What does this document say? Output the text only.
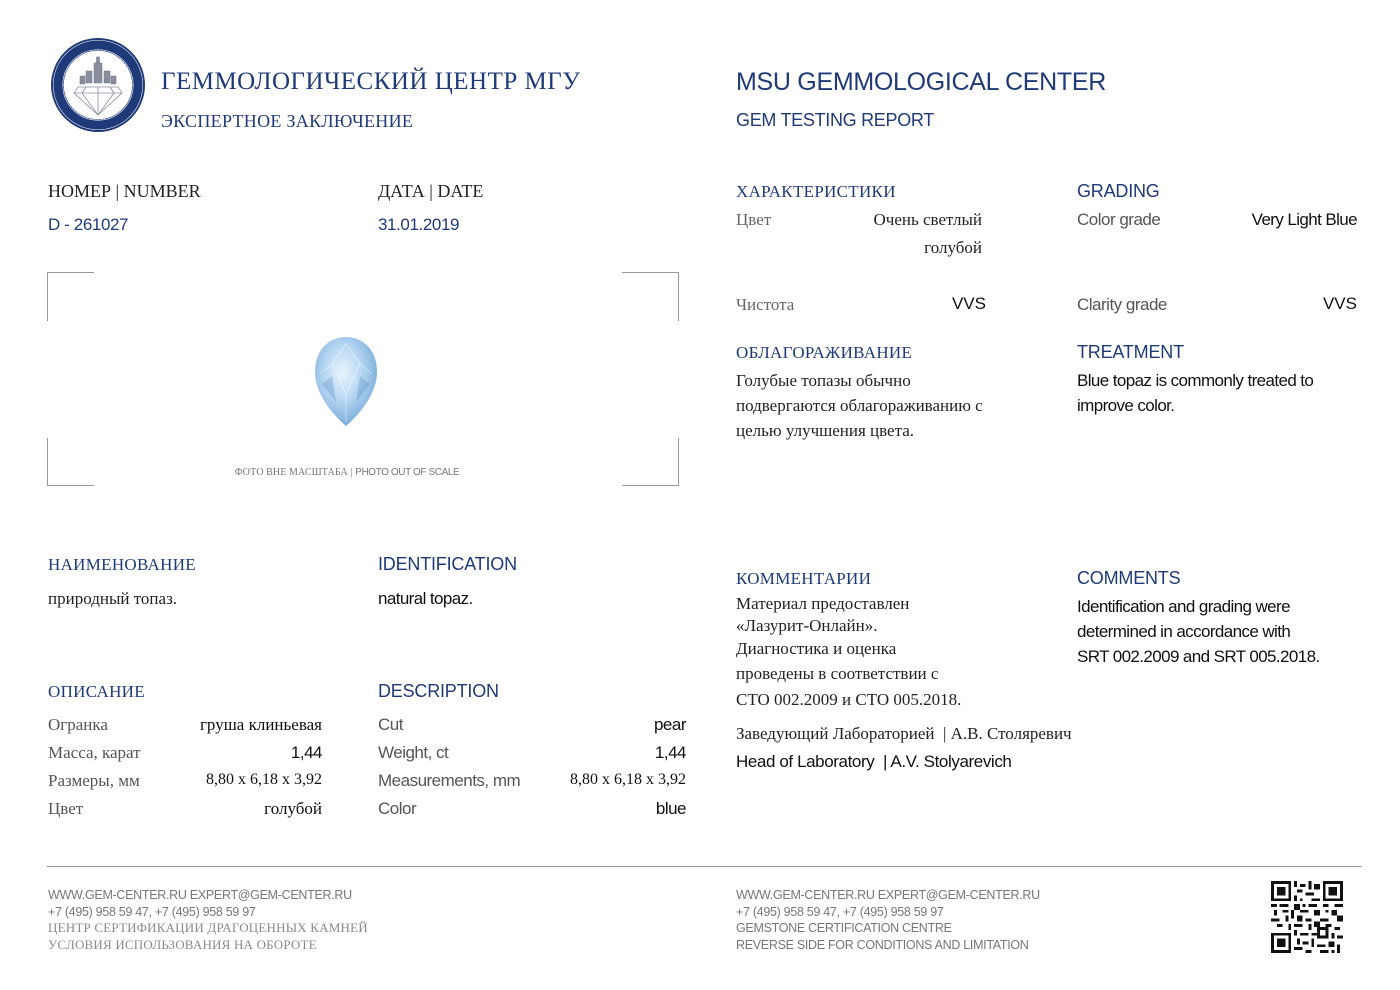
ГЕММОЛОГИЧЕСКИЙ ЦЕНТР МГУ
ЭКСПЕРТНОЕ ЗАКЛЮЧЕНИЕ
MSU GEMMOLOGICAL CENTER
GEM TESTING REPORT
НОМЕР | NUMBER
D - 261027
ДАТА | DATE
31.01.2019
ФОТО ВНЕ МАСШТАБА | PHOTO OUT OF SCALE
ХАРАКТЕРИСТИКИ	GRADING
Цвет	Очень светлый
голубой
Color grade	Very Light Blue
Чистота	VVS	Clarity grade	VVS
ОБЛАГОРАЖИВАНИЕ	TREATMENT
Голубые топазы обычно
подвергаются облагораживанию с
целью улучшения цвета.
Blue topaz is commonly treated to
improve color.
НАИМЕНОВАНИЕ	IDENTIFICATION
природный топаз.	natural topaz.
ОПИСАНИЕ	DESCRIPTION
Огранка	груша клиньевая
Масса, карат	1,44
Размеры, мм	8,80 x 6,18 x 3,92
Цвет	голубой
Cut	pear
Weight, ct	1,44
Measurements, mm	8,80 x 6,18 x 3,92
Color	blue
КОММЕНТАРИИ	COMMENTS
Материал предоставлен
«Лазурит-Онлайн».
Диагностика и оценка
проведены в соответствии с
СТО 002.2009 и СТО 005.2018.
Identification and grading were
determined in accordance with
SRT 002.2009 and SRT 005.2018.
Заведующий Лабораторией  | А.В. Столяревич
Head of Laboratory  | A.V. Stolyarevich
WWW.GEM-CENTER.RU EXPERT@GEM-CENTER.RU
+7 (495) 958 59 47, +7 (495) 958 59 97
ЦЕНТР СЕРТИФИКАЦИИ ДРАГОЦЕННЫХ КАМНЕЙ
УСЛОВИЯ ИСПОЛЬЗОВАНИЯ НА ОБОРОТЕ
WWW.GEM-CENTER.RU EXPERT@GEM-CENTER.RU
+7 (495) 958 59 47, +7 (495) 958 59 97
GEMSTONE CERTIFICATION CENTRE
REVERSE SIDE FOR CONDITIONS AND LIMITATION
